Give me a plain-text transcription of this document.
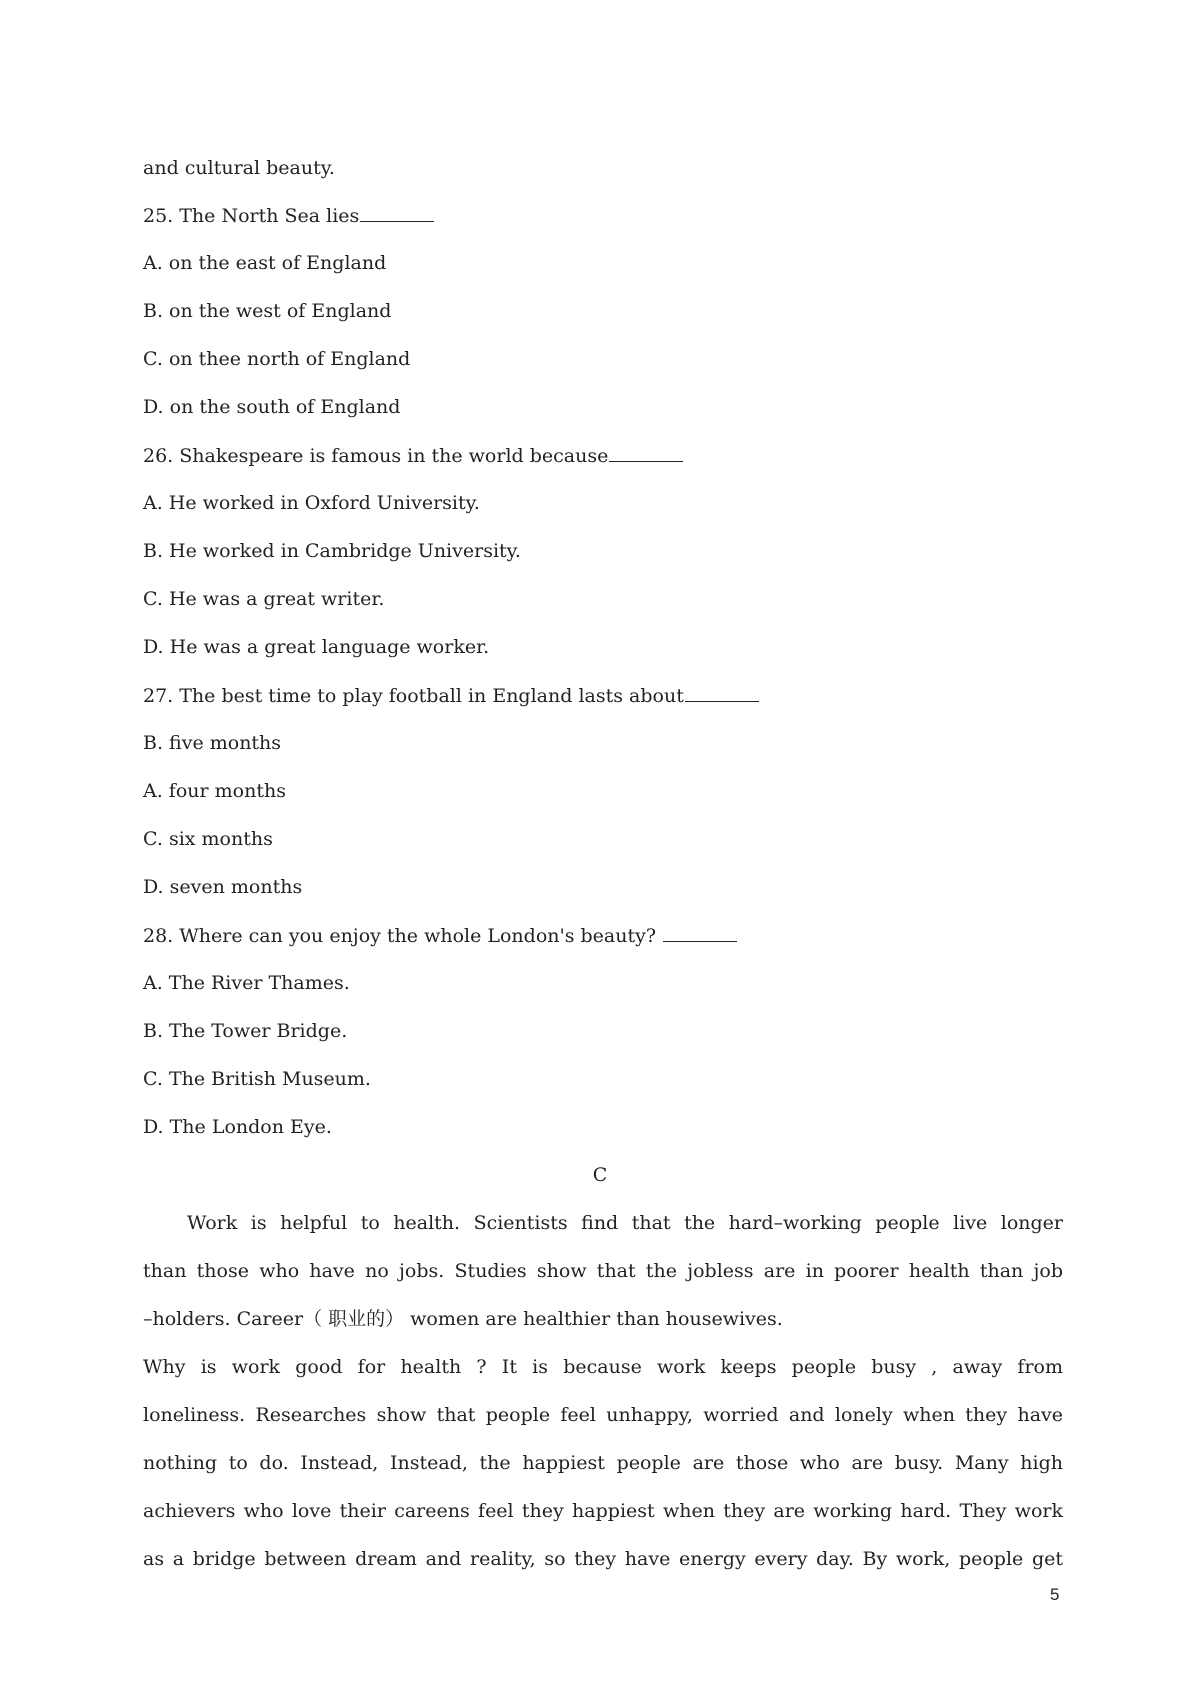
and cultural beauty.
25. The North Sea lies
A. on the east of England
B. on the west of England
C. on thee north of England
D. on the south of England
26. Shakespeare is famous in the world because
A. He worked in Oxford University.
B. He worked in Cambridge University.
C. He was a great writer.
D. He was a great language worker.
27. The best time to play football in England lasts about
B. five months
A. four months
C. six months
D. seven months
28. Where can you enjoy the whole London's beauty?
A. The River Thames.
B. The Tower Bridge.
C. The British Museum.
D. The London Eye.
C
Work is helpful to health. Scientists find that the hard–working people live longer
than those who have no jobs. Studies show that the jobless are in poorer health than job
–holders. Career（ 职业的） women are healthier than housewives.
Why is work good for health ? It is because work keeps people busy , away from
loneliness. Researches show that people feel unhappy, worried and lonely when they have
nothing to do. Instead, Instead, the happiest people are those who are busy. Many high
achievers who love their careens feel they happiest when they are working hard. They work
as a bridge between dream and reality, so they have energy every day. By work, people get
5
